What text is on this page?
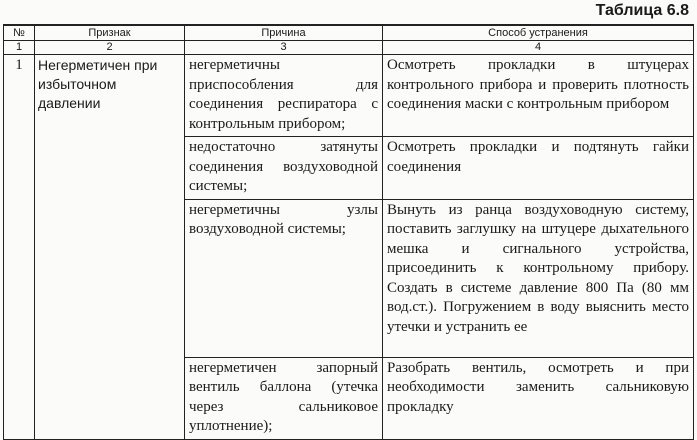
Таблица 6.8
№	Признак	Причина	Способ устранения
1	2	3	4
1	Негерметичен при избыточном давлении	негерметичны приспособления для соединения респиратора с контрольным прибором;	Осмотреть прокладки в штуцерах контрольного прибора и проверить плотность соединения маски с контрольным прибором
		недостаточно затянуты соединения воздуховодной системы;	Осмотреть прокладки и подтянуть гайки соединения
		негерметичны узлы воздуховодной системы;	Вынуть из ранца воздуховодную систему, поставить заглушку на штуцере дыхательного мешка и сигнального устройства, присоединить к контрольному прибору. Создать в системе давление 800 Па (80 мм вод.ст.). Погружением в воду выяснить место утечки и устранить ее
		негерметичен запорный вентиль баллона (утечка через сальниковое уплотнение);	Разобрать вентиль, осмотреть и при необходимости заменить сальниковую прокладку
